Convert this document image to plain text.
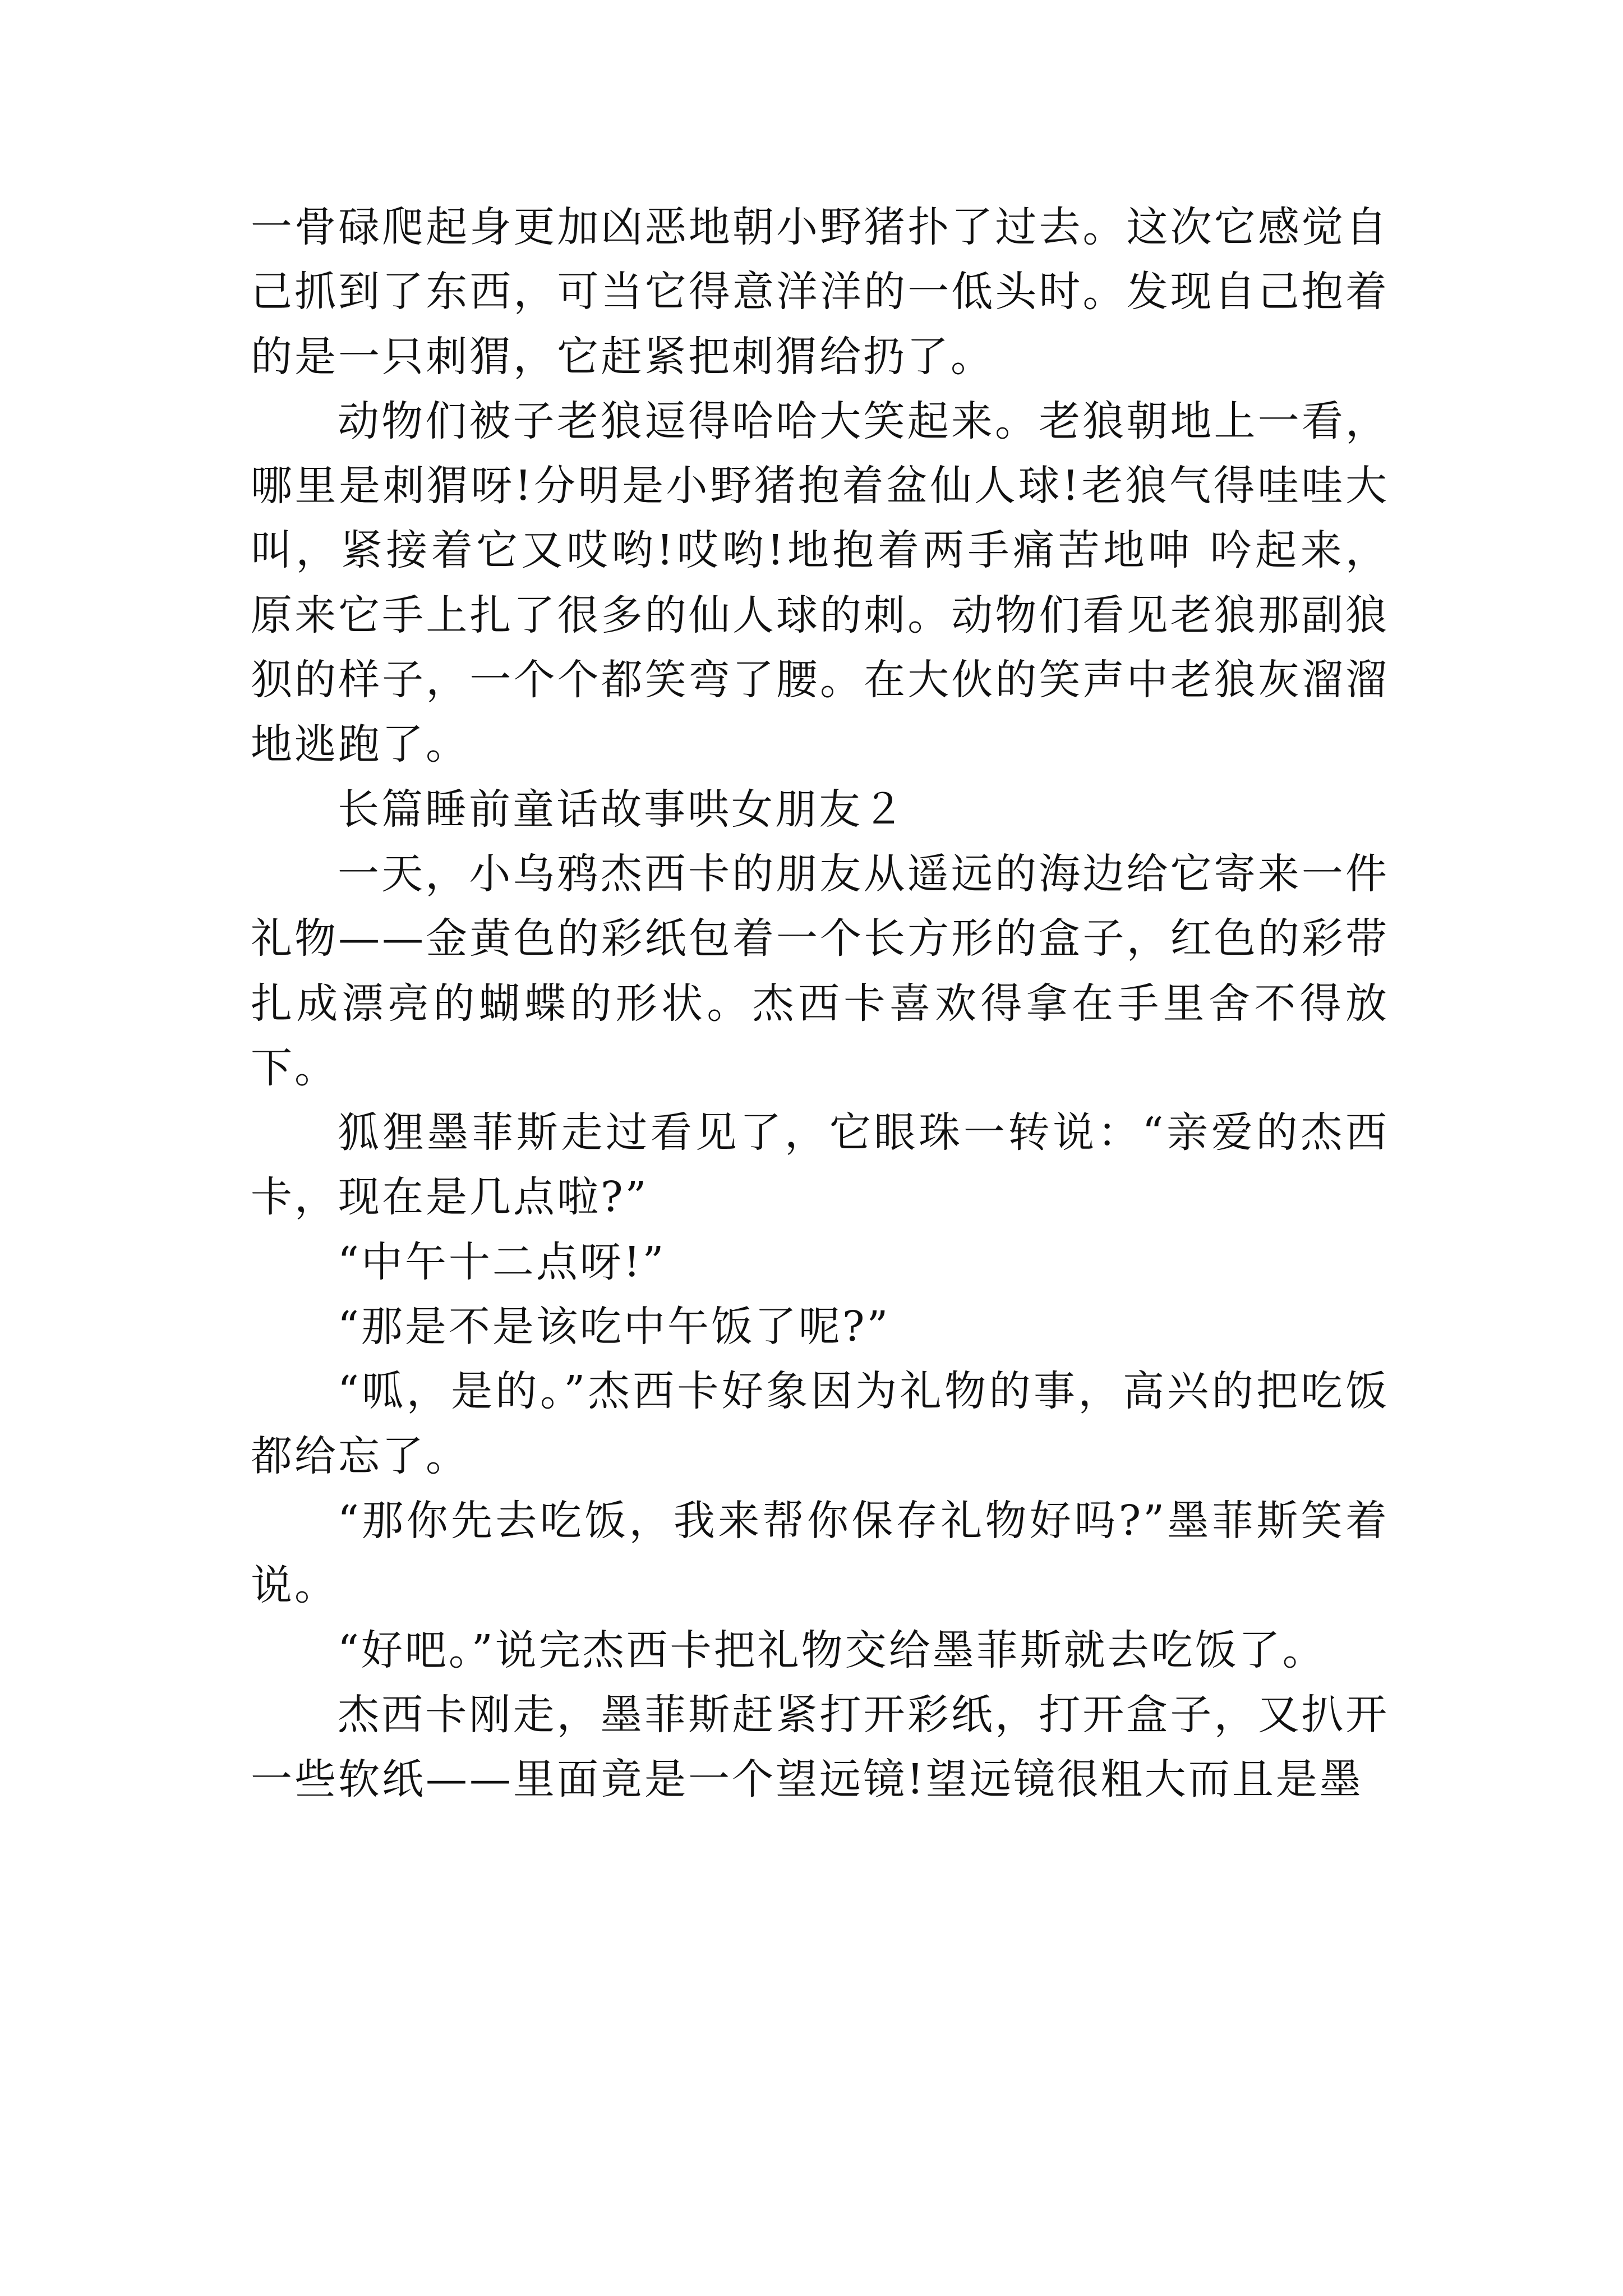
一骨碌爬起身更加凶恶地朝小野猪扑了过去。这次它感觉自己抓到了东西，可当它得意洋洋的一低头时。发现自己抱着的是一只刺猬，它赶紧把刺猬给扔了。

动物们被子老狼逗得哈哈大笑起来。老狼朝地上一看，哪里是刺猬呀!分明是小野猪抱着盆仙人球!老狼气得哇哇大叫，紧接着它又哎哟!哎哟!地抱着两手痛苦地呻 吟起来，原来它手上扎了很多的仙人球的刺。动物们看见老狼那副狼狈的样子，一个个都笑弯了腰。在大伙的笑声中老狼灰溜溜地逃跑了。

长篇睡前童话故事哄女朋友２

一天，小乌鸦杰西卡的朋友从遥远的海边给它寄来一件礼物——金黄色的彩纸包着一个长方形的盒子，红色的彩带扎成漂亮的蝴蝶的形状。杰西卡喜欢得拿在手里舍不得放下。

狐狸墨菲斯走过看见了，它眼珠一转说：“亲爱的杰西卡，现在是几点啦?”

“中午十二点呀!”

“那是不是该吃中午饭了呢?”

“呱，是的。”杰西卡好象因为礼物的事，高兴的把吃饭都给忘了。

“那你先去吃饭，我来帮你保存礼物好吗?”墨菲斯笑着说。

“好吧。”说完杰西卡把礼物交给墨菲斯就去吃饭了。

杰西卡刚走，墨菲斯赶紧打开彩纸，打开盒子，又扒开一些软纸——里面竟是一个望远镜!望远镜很粗大而且是墨
